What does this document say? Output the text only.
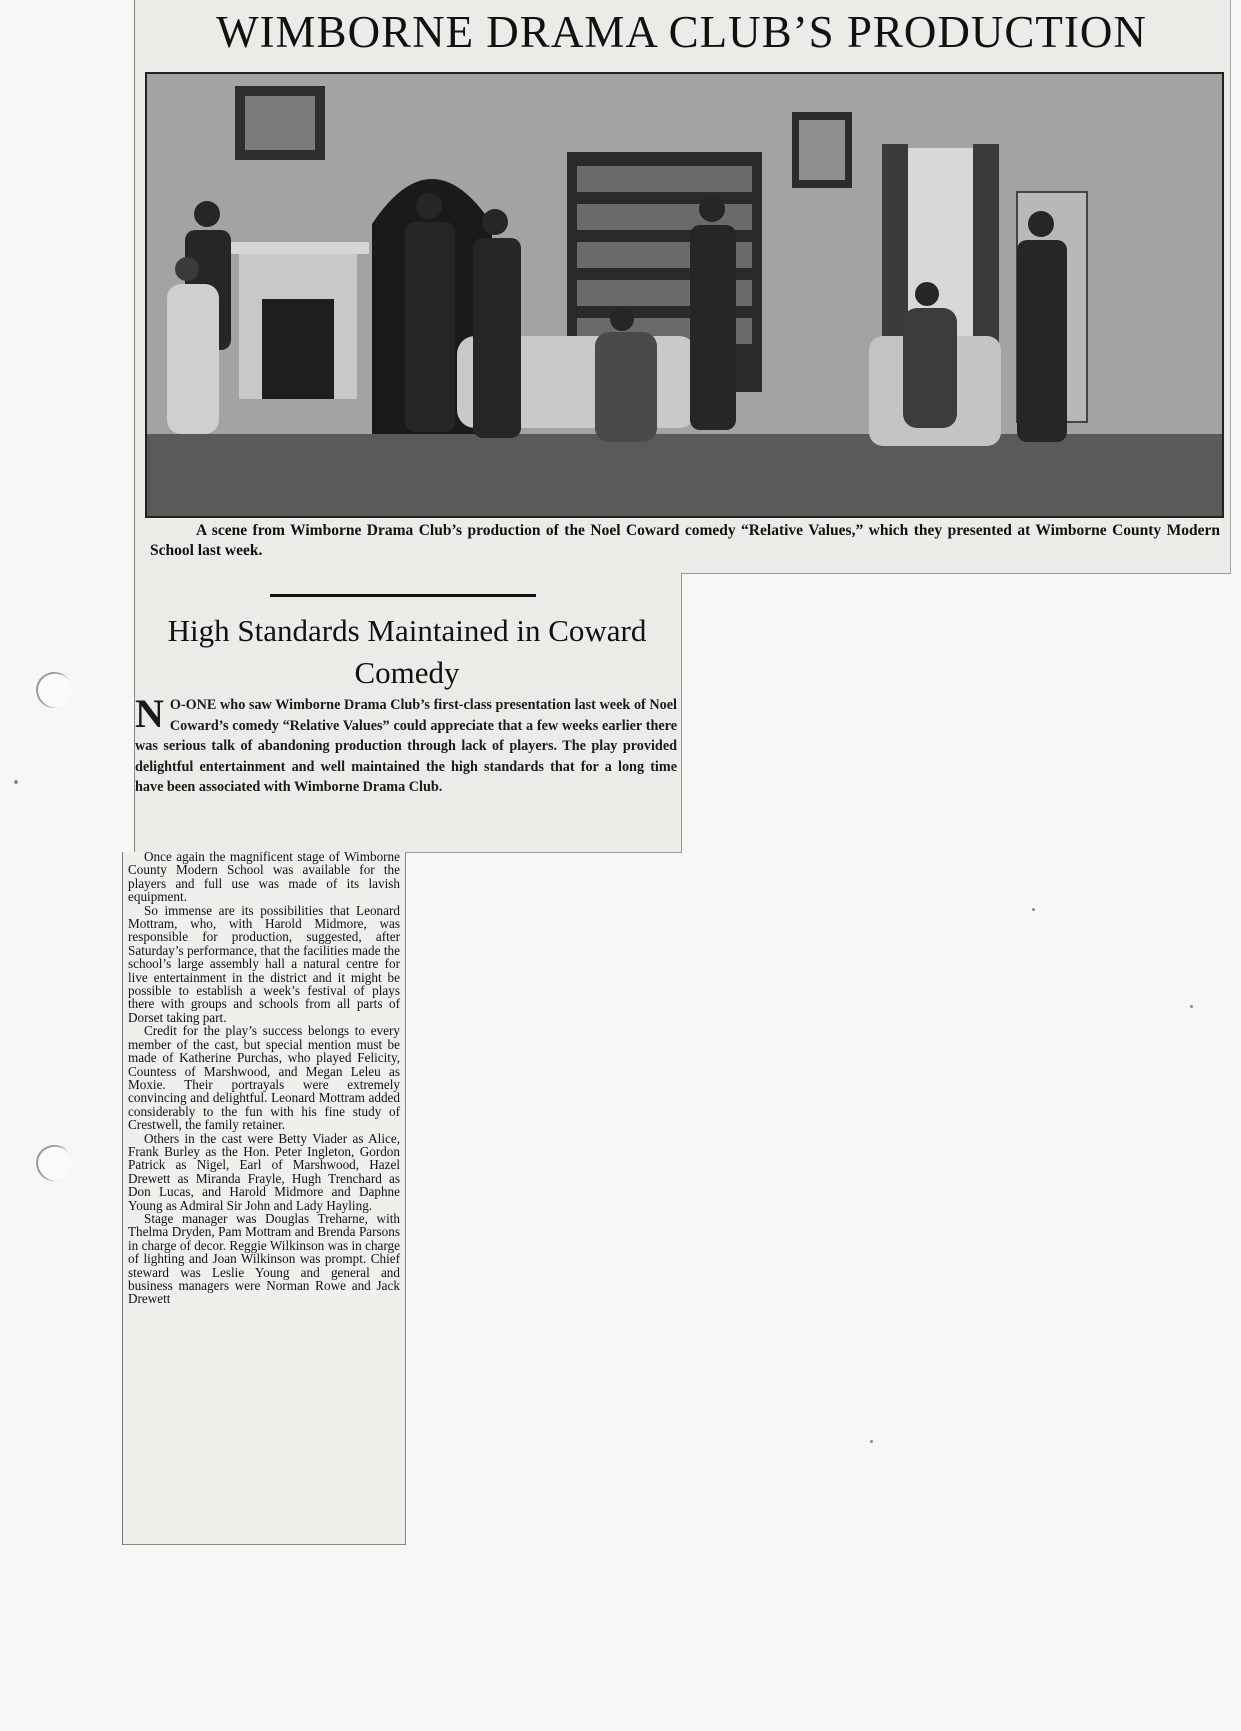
WIMBORNE DRAMA CLUB’S PRODUCTION

A scene from Wimborne Drama Club’s production of the Noel Coward comedy “Relative Values,” which they presented at Wimborne County Modern School last week.

High Standards Maintained in Coward Comedy

N O-ONE who saw Wimborne Drama Club’s first-class presentation last week of Noel Coward’s comedy “Relative Values” could appreciate that a few weeks earlier there was serious talk of abandoning production through lack of players. The play provided delightful entertainment and well maintained the high standards that for a long time have been associated with Wimborne Drama Club.

Once again the magnificent stage of Wimborne County Modern School was available for the players and full use was made of its lavish equipment.

So immense are its possibilities that Leonard Mottram, who, with Harold Midmore, was responsible for production, suggested, after Saturday’s performance, that the facilities made the school’s large assembly hall a natural centre for live entertainment in the district and it might be possible to establish a week’s festival of plays there with groups and schools from all parts of Dorset taking part.

Credit for the play’s success belongs to every member of the cast, but special mention must be made of Katherine Purchas, who played Felicity, Countess of Marshwood, and Megan Leleu as Moxie. Their portrayals were extremely convincing and delightful. Leonard Mottram added considerably to the fun with his fine study of Crestwell, the family retainer.

Others in the cast were Betty Viader as Alice, Frank Burley as the Hon. Peter Ingleton, Gordon Patrick as Nigel, Earl of Marshwood, Hazel Drewett as Miranda Frayle, Hugh Trenchard as Don Lucas, and Harold Midmore and Daphne Young as Admiral Sir John and Lady Hayling.

Stage manager was Douglas Treharne, with Thelma Dryden, Pam Mottram and Brenda Parsons in charge of decor. Reggie Wilkinson was in charge of lighting and Joan Wilkinson was prompt. Chief steward was Leslie Young and general and business managers were Norman Rowe and Jack Drewett
